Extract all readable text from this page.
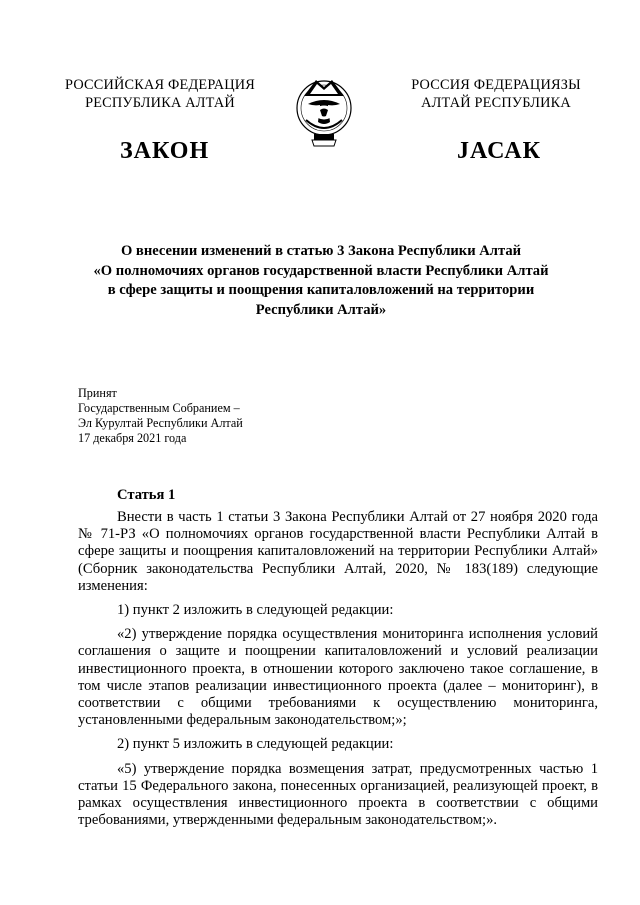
РОССИЙСКАЯ ФЕДЕРАЦИЯ
РЕСПУБЛИКА АЛТАЙ
РОССИЯ ФЕДЕРАЦИЯЗЫ
АЛТАЙ РЕСПУБЛИКА
ЗАКОН	JАСАК
О внесении изменений в статью 3 Закона Республики Алтай
«О полномочиях органов государственной власти Республики Алтай
в сфере защиты и поощрения капиталовложений на территории
Республики Алтай»
Принят
Государственным Собранием –
Эл Курултай Республики Алтай
17 декабря 2021 года
Статья 1

Внести в часть 1 статьи 3 Закона Республики Алтай от 27 ноября 2020 года № 71-РЗ «О полномочиях органов государственной власти Республики Алтай в сфере защиты и поощрения капиталовложений на территории Республики Алтай» (Сборник законодательства Республики Алтай, 2020, № 183(189) следующие изменения:

1) пункт 2 изложить в следующей редакции:

«2) утверждение порядка осуществления мониторинга исполнения условий соглашения о защите и поощрении капиталовложений и условий реализации инвестиционного проекта, в отношении которого заключено такое соглашение, в том числе этапов реализации инвестиционного проекта (далее – мониторинг), в соответствии с общими требованиями к осуществлению мониторинга, установленными федеральным законодательством;»;

2) пункт 5 изложить в следующей редакции:

«5) утверждение порядка возмещения затрат, предусмотренных частью 1 статьи 15 Федерального закона, понесенных организацией, реализующей проект, в рамках осуществления инвестиционного проекта в соответствии с общими требованиями, утвержденными федеральным законодательством;».
